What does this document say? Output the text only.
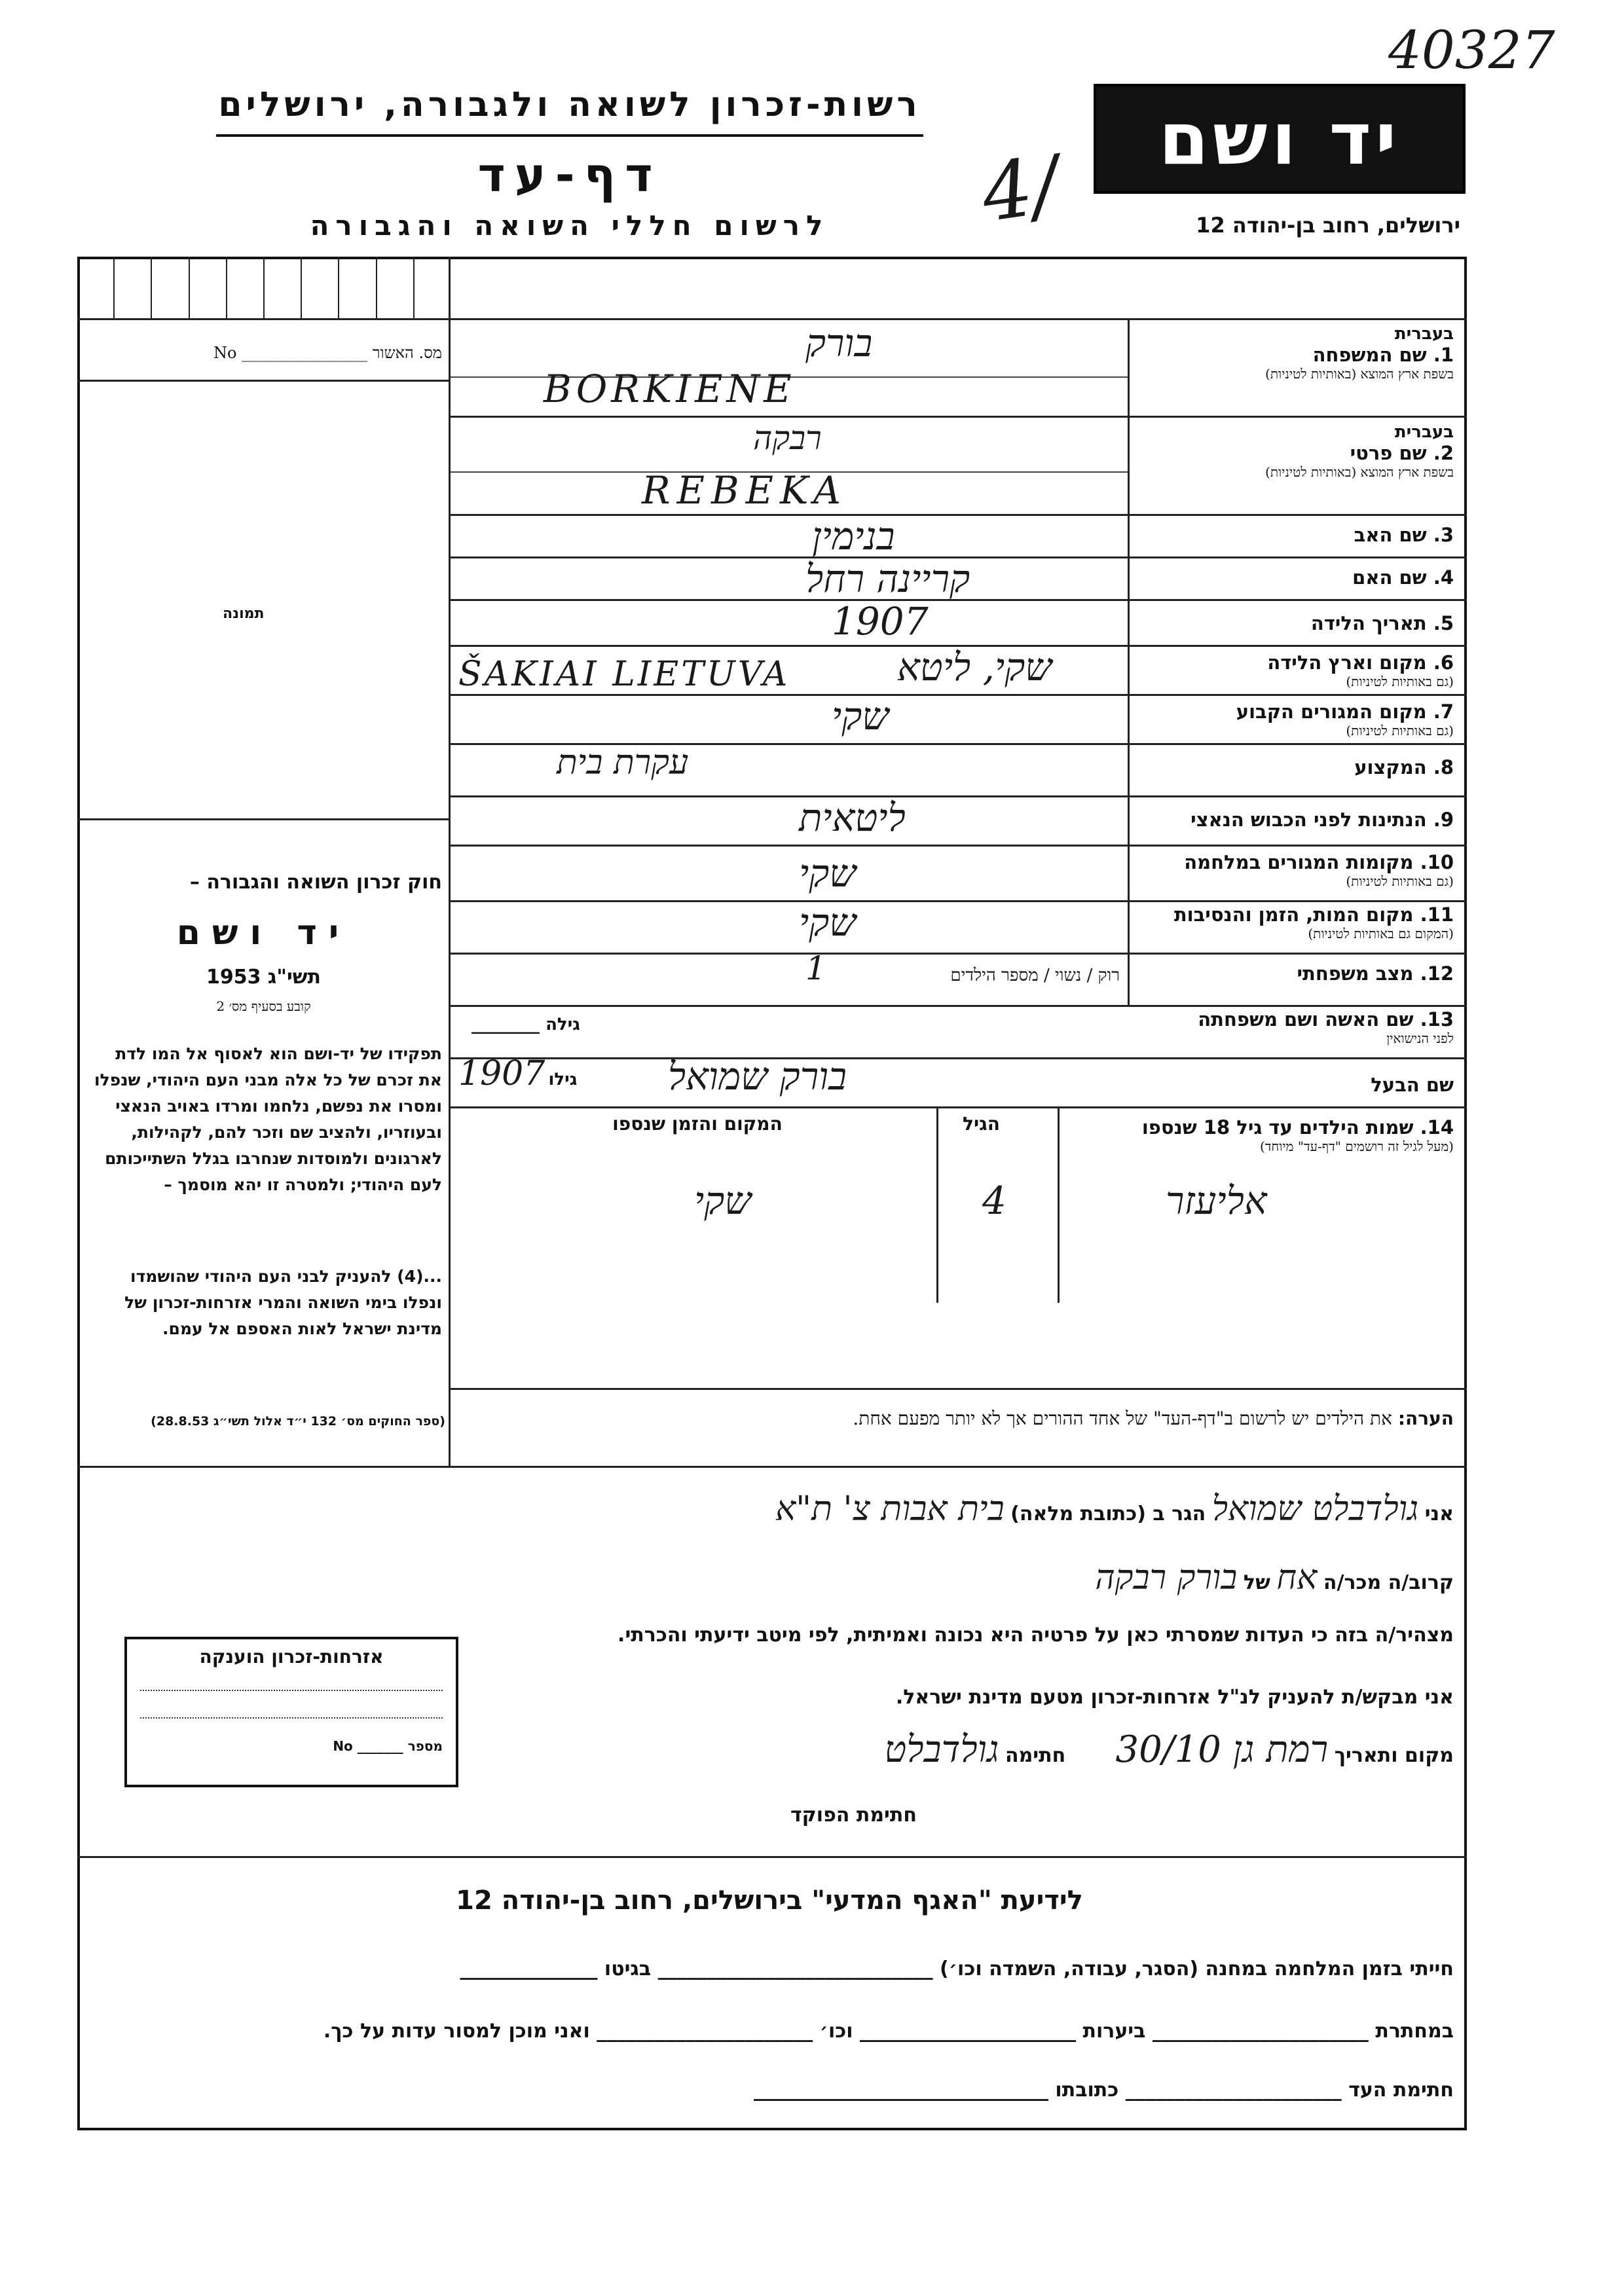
40327
4/
יד ושם
רשות-זכרון לשואה ולגבורה, ירושלים
דף-עד
לרשום חללי השואה והגבורה	ירושלים, רחוב בן-יהודה 12
מס. האשור ________________ No
תמונה
חוק זכרון השואה והגבורה –
יד ושם
תשי"ג 1953
קובע בסעיף מס׳ 2
תפקידו של יד-ושם הוא לאסוף אל המו לדת את זכרם של כל אלה מבני העם היהודי, שנפלו ומסרו את נפשם, נלחמו ומרדו באויב הנאצי ובעוזריו, ולהציב שם וזכר להם, לקהילות, לארגונים ולמוסדות שנחרבו בגלל השתייכותם לעם היהודי; ולמטרה זו יהא מוסמך –
...(4) להעניק לבני העם היהודי שהושמדו ונפלו בימי השואה והמרי אזרחות-זכרון של מדינת ישראל לאות האספם אל עמם.
(ספר החוקים מס׳ 132 י״ד אלול תשי״ג 28.8.53)
בעברית
1. שם המשפחה
בשפת ארץ המוצא (באותיות לטיניות)
בורק
BORKIENE
בעברית
2. שם פרטי
בשפת ארץ המוצא (באותיות לטיניות)
רבקה
REBEKA
3. שם האב
בנימין
4. שם האם
קריינה רחל
5. תאריך הלידה
1907
6. מקום וארץ הלידה
(גם באותיות לטיניות)
שקי, ליטא
ŠAKIAI LIETUVA
7. מקום המגורים הקבוע
(גם באותיות לטיניות)
שקי
8. המקצוע
עקרת בית
9. הנתינות לפני הכבוש הנאצי
ליטאית
10. מקומות המגורים במלחמה
(גם באותיות לטיניות)
שקי
11. מקום המות, הזמן והנסיבות
(המקום גם באותיות לטיניות)
שקי
12. מצב משפחתי
רוק / נשוי / מספר הילדים
1
13. שם האשה ושם משפחתה
לפני הנישואין
________ גילה
שם הבעל
בורק שמואל
1907 גילו
14. שמות הילדים עד גיל 18 שנספו
(מעל לגיל זה רושמים "דף-עד" מיוחד)
הגיל
המקום והזמן שנספו
אליעזר
4
שקי
הערה: את הילדים יש לרשום ב"דף-העד" של אחד ההורים אך לא יותר מפעם אחת.
אני גולדבלט שמואל הגר ב (כתובת מלאה) בית אבות צ' ת"א
קרוב/ה מכר/ה אח של בורק רבקה
מצהיר/ה בזה כי העדות שמסרתי כאן על פרטיה היא נכונה ואמיתית, לפי מיטב ידיעתי והכרתי.
אני מבקש/ת להעניק לנ"ל אזרחות-זכרון מטעם מדינת ישראל.
מקום ותאריך רמת גן 30/10        חתימה גולדבלט
חתימת הפוקד
אזרחות-זכרון הוענקה
מספר _______ No
לידיעת "האגף המדעי" בירושלים, רחוב בן-יהודה 12
חייתי בזמן המלחמה במחנה (הסגר, עבודה, השמדה וכו׳) ____________________________ בגיטו ______________
במחתרת ______________________ ביערות ______________________ וכו׳ ______________________ ואני מוכן למסור עדות על כך.
חתימת העד ______________________ כתובתו ______________________________
